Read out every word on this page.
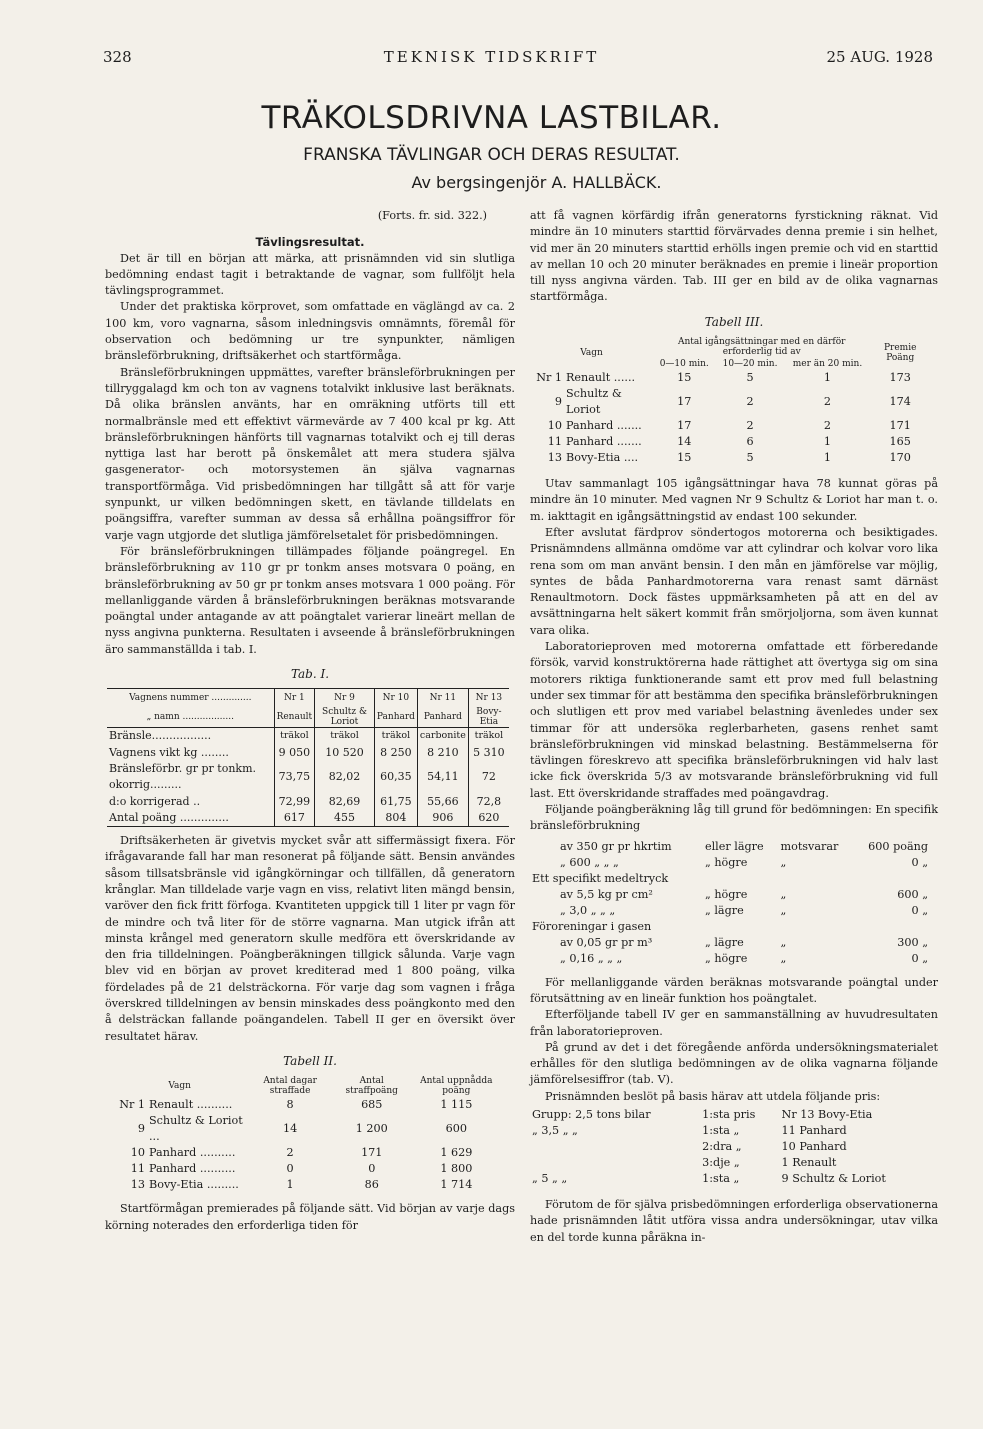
328	TEKNISK TIDSKRIFT	25 AUG. 1928
TRÄKOLSDRIVNA LASTBILAR.
FRANSKA TÄVLINGAR OCH DERAS RESULTAT.
Av bergsingenjör A. HALLBÄCK.
(Forts. fr. sid. 322.)
Tävlingsresultat.

Det är till en början att märka, att prisnämnden vid sin slutliga bedömning endast tagit i betraktande de vagnar, som fullföljt hela tävlingsprogrammet.

Under det praktiska körprovet, som omfattade en väglängd av ca. 2 100 km, voro vagnarna, såsom inledningsvis omnämnts, föremål för observation och bedömning ur tre synpunkter, nämligen bränsleförbrukning, driftsäkerhet och startförmåga.

Bränsleförbrukningen uppmättes, varefter bränsleförbrukningen per tillryggalagd km och ton av vagnens totalvikt inklusive last beräknats. Då olika bränslen använts, har en omräkning utförts till ett normalbränsle med ett effektivt värmevärde av 7 400 kcal pr kg. Att bränsleförbrukningen hänförts till vagnarnas totalvikt och ej till deras nyttiga last har berott på önskemålet att mera studera själva gasgenerator- och motorsystemen än själva vagnarnas transportförmåga. Vid prisbedömningen har tillgått så att för varje synpunkt, ur vilken bedömningen skett, en tävlande tilldelats en poängsiffra, varefter summan av dessa så erhållna poängsiffror för varje vagn utgjorde det slutliga jämförelsetalet för prisbedömningen.

För bränsleförbrukningen tillämpades följande poängregel. En bränsleförbrukning av 110 gr pr tonkm anses motsvara 0 poäng, en bränsleförbrukning av 50 gr pr tonkm anses motsvara 1 000 poäng. För mellanliggande värden å bränsleförbrukningen beräknas motsvarande poängtal under antagande av att poängtalet varierar lineärt mellan de nyss angivna punkterna. Resultaten i avseende å bränsleförbrukningen äro sammanställda i tab. I.

Tab. I.
Vagnens nummer ..............	Nr 1	Nr 9	Nr 10	Nr 11	Nr 13
„ namn ..................	Renault	Schultz & Loriot	Panhard	Panhard	Bovy-Etia
Bränsle.................	träkol	träkol	träkol	carbonite	träkol
Vagnens vikt kg ........	9 050	10 520	8 250	8 210	5 310
Bränsleförbr. gr pr tonkm. okorrig.........	73,75	82,02	60,35	54,11	72
d:o korrigerad ..	72,99	82,69	61,75	55,66	72,8
Antal poäng ..............	617	455	804	906	620

Driftsäkerheten är givetvis mycket svår att siffermässigt fixera. För ifrågavarande fall har man resonerat på följande sätt. Bensin användes såsom tillsatsbränsle vid igångkörningar och tillfällen, då generatorn krånglar. Man tilldelade varje vagn en viss, relativt liten mängd bensin, varöver den fick fritt förfoga. Kvantiteten uppgick till 1 liter pr vagn för de mindre och två liter för de större vagnarna. Man utgick ifrån att minsta krångel med generatorn skulle medföra ett överskridande av den fria tilldelningen. Poängberäkningen tillgick sålunda. Varje vagn blev vid en början av provet krediterad med 1 800 poäng, vilka fördelades på de 21 delsträckorna. För varje dag som vagnen i fråga överskred tilldelningen av bensin minskades dess poängkonto med den å delsträckan fallande poängandelen. Tabell II ger en översikt över resultatet härav.

Tabell II.
Vagn		Antal dagar straffade	Antal straffpoäng	Antal uppnådda poäng
Nr 1	Renault ..........	8	685	1 115
9	Schultz & Loriot ...	14	1 200	600
10	Panhard ..........	2	171	1 629
11	Panhard ..........	0	0	1 800
13	Bovy-Etia .........	1	86	1 714

Startförmågan premierades på följande sätt. Vid början av varje dags körning noterades den erforderliga tiden för

att få vagnen körfärdig ifrån generatorns fyrstickning räknat. Vid mindre än 10 minuters starttid förvärvades denna premie i sin helhet, vid mer än 20 minuters starttid erhölls ingen premie och vid en starttid av mellan 10 och 20 minuter beräknades en premie i lineär proportion till nyss angivna värden. Tab. III ger en bild av de olika vagnarnas startförmåga.

Tabell III.
Vagn		Antal igångsättningar med en därför erforderlig tid av			Premie Poäng
		0—10 min.	10—20 min.	mer än 20 min.	
Nr 1	Renault ......	15	5	1	173
9	Schultz & Loriot	17	2	2	174
10	Panhard .......	17	2	2	171
11	Panhard .......	14	6	1	165
13	Bovy-Etia ....	15	5	1	170

Utav sammanlagt 105 igångsättningar hava 78 kunnat göras på mindre än 10 minuter. Med vagnen Nr 9 Schultz & Loriot har man t. o. m. iakttagit en igångsättningstid av endast 100 sekunder.

Efter avslutat färdprov söndertogos motorerna och besiktigades. Prisnämndens allmänna omdöme var att cylindrar och kolvar voro lika rena som om man använt bensin. I den mån en jämförelse var möjlig, syntes de båda Panhardmotorerna vara renast samt därnäst Renaultmotorn. Dock fästes uppmärksamheten på att en del av avsättningarna helt säkert kommit från smörjoljorna, som även kunnat vara olika.

Laboratorieproven med motorerna omfattade ett förberedande försök, varvid konstruktörerna hade rättighet att övertyga sig om sina motorers riktiga funktionerande samt ett prov med full belastning under sex timmar för att bestämma den specifika bränsleförbrukningen och slutligen ett prov med variabel belastning ävenledes under sex timmar för att undersöka reglerbarheten, gasens renhet samt bränsleförbrukningen vid minskad belastning. Bestämmelserna för tävlingen föreskrevo att specifika bränsleförbrukningen vid halv last icke fick överskrida 5/3 av motsvarande bränsleförbrukning vid full last. Ett överskridande straffades med poängavdrag.

Följande poängberäkning låg till grund för bedömningen: En specifik bränsleförbrukning

av 350 gr pr hkrtim	eller lägre	motsvarar	600 poäng
„ 600 „ „ „	„ högre	„	0 „
Ett specifikt medeltryck			
av 5,5 kg pr cm²	„ högre	„	600 „
„ 3,0 „ „ „	„ lägre	„	0 „
Föroreningar i gasen			
av 0,05 gr pr m³	„ lägre	„	300 „
„ 0,16 „ „ „	„ högre	„	0 „

För mellanliggande värden beräknas motsvarande poängtal under förutsättning av en lineär funktion hos poängtalet.

Efterföljande tabell IV ger en sammanställning av huvudresultaten från laboratorieproven.

På grund av det i det föregående anförda undersökningsmaterialet erhålles för den slutliga bedömningen av de olika vagnarna följande jämförelsesiffror (tab. V).

Prisnämnden beslöt på basis härav att utdela följande pris:

Grupp: 2,5 tons bilar	1:sta pris	Nr 13 Bovy-Etia
„ 3,5 „ „	1:sta „	11 Panhard
	2:dra „	10 Panhard
	3:dje „	1 Renault
„ 5 „ „	1:sta „	9 Schultz & Loriot

Förutom de för själva prisbedömningen erforderliga observationerna hade prisnämnden låtit utföra vissa andra undersökningar, utav vilka en del torde kunna påräkna in-
